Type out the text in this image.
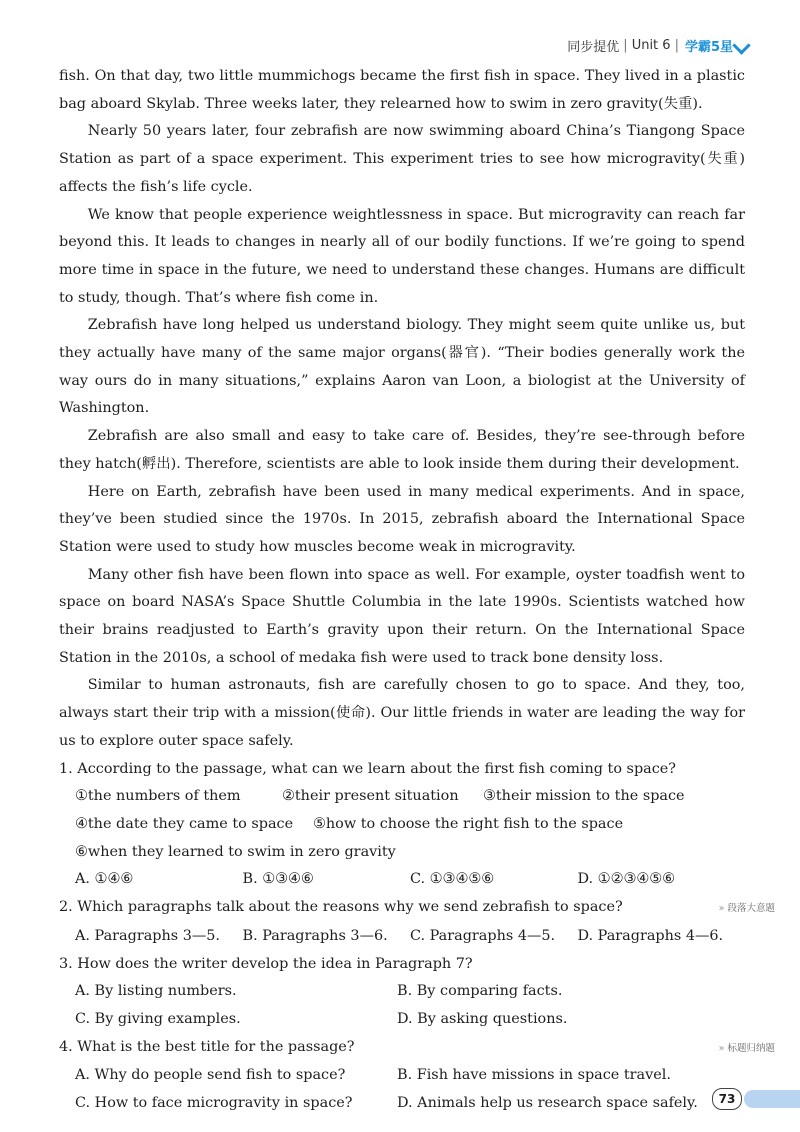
同步提优 | Unit 6 | 学霸5星

fish. On that day, two little mummichogs became the first fish in space. They lived in a plastic bag aboard Skylab. Three weeks later, they relearned how to swim in zero gravity(失重).

Nearly 50 years later, four zebrafish are now swimming aboard China’s Tiangong Space Station as part of a space experiment. This experiment tries to see how microgravity(失重) affects the fish’s life cycle.

We know that people experience weightlessness in space. But microgravity can reach far beyond this. It leads to changes in nearly all of our bodily functions. If we’re going to spend more time in space in the future, we need to understand these changes. Humans are difficult to study, though. That’s where fish come in.

Zebrafish have long helped us understand biology. They might seem quite unlike us, but they actually have many of the same major organs(器官). “Their bodies generally work the way ours do in many situations,” explains Aaron van Loon, a biologist at the University of Washington.

Zebrafish are also small and easy to take care of. Besides, they’re see-through before they hatch(孵出). Therefore, scientists are able to look inside them during their development.

Here on Earth, zebrafish have been used in many medical experiments. And in space, they’ve been studied since the 1970s. In 2015, zebrafish aboard the International Space Station were used to study how muscles become weak in microgravity.

Many other fish have been flown into space as well. For example, oyster toadfish went to space on board NASA’s Space Shuttle Columbia in the late 1990s. Scientists watched how their brains readjusted to Earth’s gravity upon their return. On the International Space Station in the 2010s, a school of medaka fish were used to track bone density loss.

Similar to human astronauts, fish are carefully chosen to go to space. And they, too, always start their trip with a mission(使命). Our little friends in water are leading the way for us to explore outer space safely.

1. According to the passage, what can we learn about the first fish coming to space?
①the numbers of them	②their present situation	③their mission to the space
④the date they came to space	⑤how to choose the right fish to the space
⑥when they learned to swim in zero gravity
A. ①④⑥	B. ①③④⑥	C. ①③④⑤⑥	D. ①②③④⑤⑥
2. Which paragraphs talk about the reasons why we send zebrafish to space?	» 段落大意题
A. Paragraphs 3—5.	B. Paragraphs 3—6.	C. Paragraphs 4—5.	D. Paragraphs 4—6.
3. How does the writer develop the idea in Paragraph 7?
A. By listing numbers.	B. By comparing facts.
C. By giving examples.	D. By asking questions.
4. What is the best title for the passage?	» 标题归纳题
A. Why do people send fish to space?	B. Fish have missions in space travel.
C. How to face microgravity in space?	D. Animals help us research space safely.	73
